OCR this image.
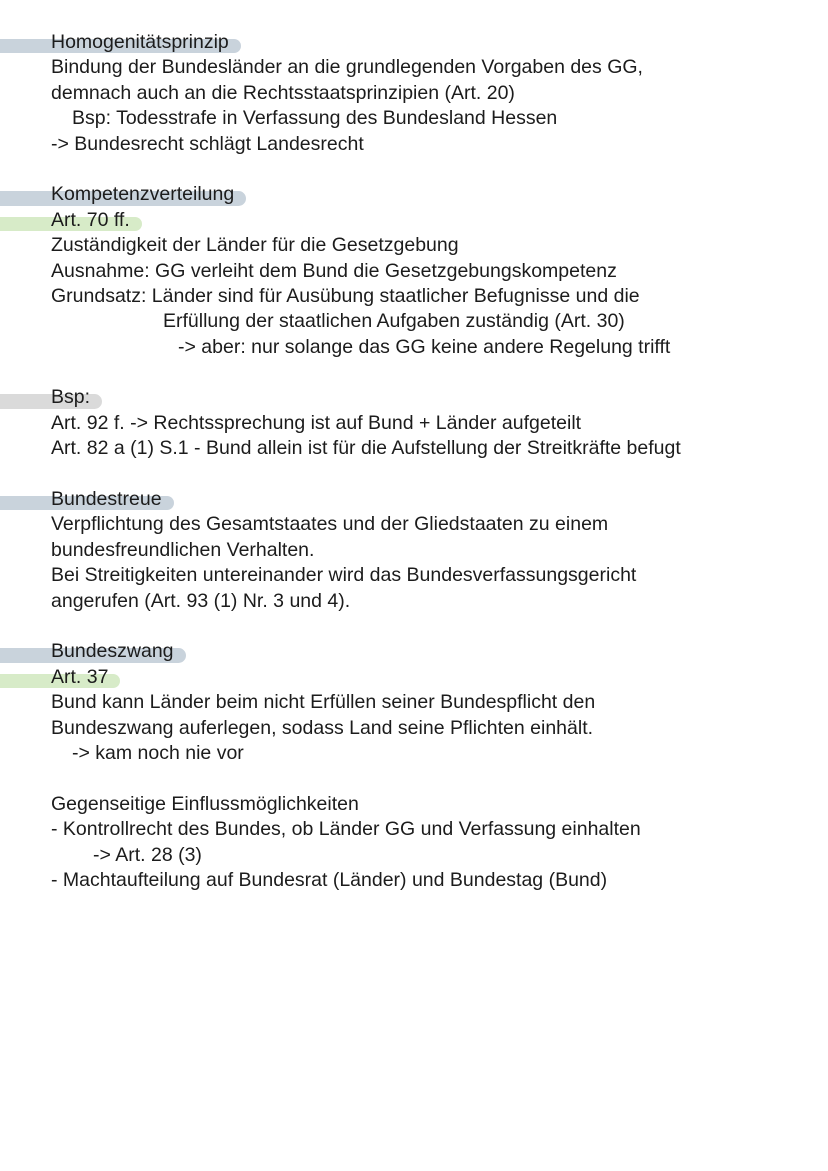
Homogenitätsprinzip
Bindung der Bundesländer an die grundlegenden Vorgaben des GG,
demnach auch an die Rechtsstaatsprinzipien (Art. 20)
Bsp: Todesstrafe in Verfassung des Bundesland Hessen
-> Bundesrecht schlägt Landesrecht
Kompetenzverteilung
Art. 70 ff.
Zuständigkeit der Länder für die Gesetzgebung
Ausnahme: GG verleiht dem Bund die Gesetzgebungskompetenz
Grundsatz: Länder sind für Ausübung staatlicher Befugnisse und die
Erfüllung der staatlichen Aufgaben zuständig (Art. 30)
-> aber: nur solange das GG keine andere Regelung trifft
Bsp:
Art. 92 f. -> Rechtssprechung ist auf Bund + Länder aufgeteilt
Art. 82 a (1) S.1 - Bund allein ist für die Aufstellung der Streitkräfte befugt
Bundestreue
Verpflichtung des Gesamtstaates und der Gliedstaaten zu einem
bundesfreundlichen Verhalten.
Bei Streitigkeiten untereinander wird das Bundesverfassungsgericht
angerufen (Art. 93 (1) Nr. 3 und 4).
Bundeszwang
Art. 37
Bund kann Länder beim nicht Erfüllen seiner Bundespflicht den
Bundeszwang auferlegen, sodass Land seine Pflichten einhält.
-> kam noch nie vor
Gegenseitige Einflussmöglichkeiten
- Kontrollrecht des Bundes, ob Länder GG und Verfassung einhalten
-> Art. 28 (3)
- Machtaufteilung auf Bundesrat (Länder) und Bundestag (Bund)
